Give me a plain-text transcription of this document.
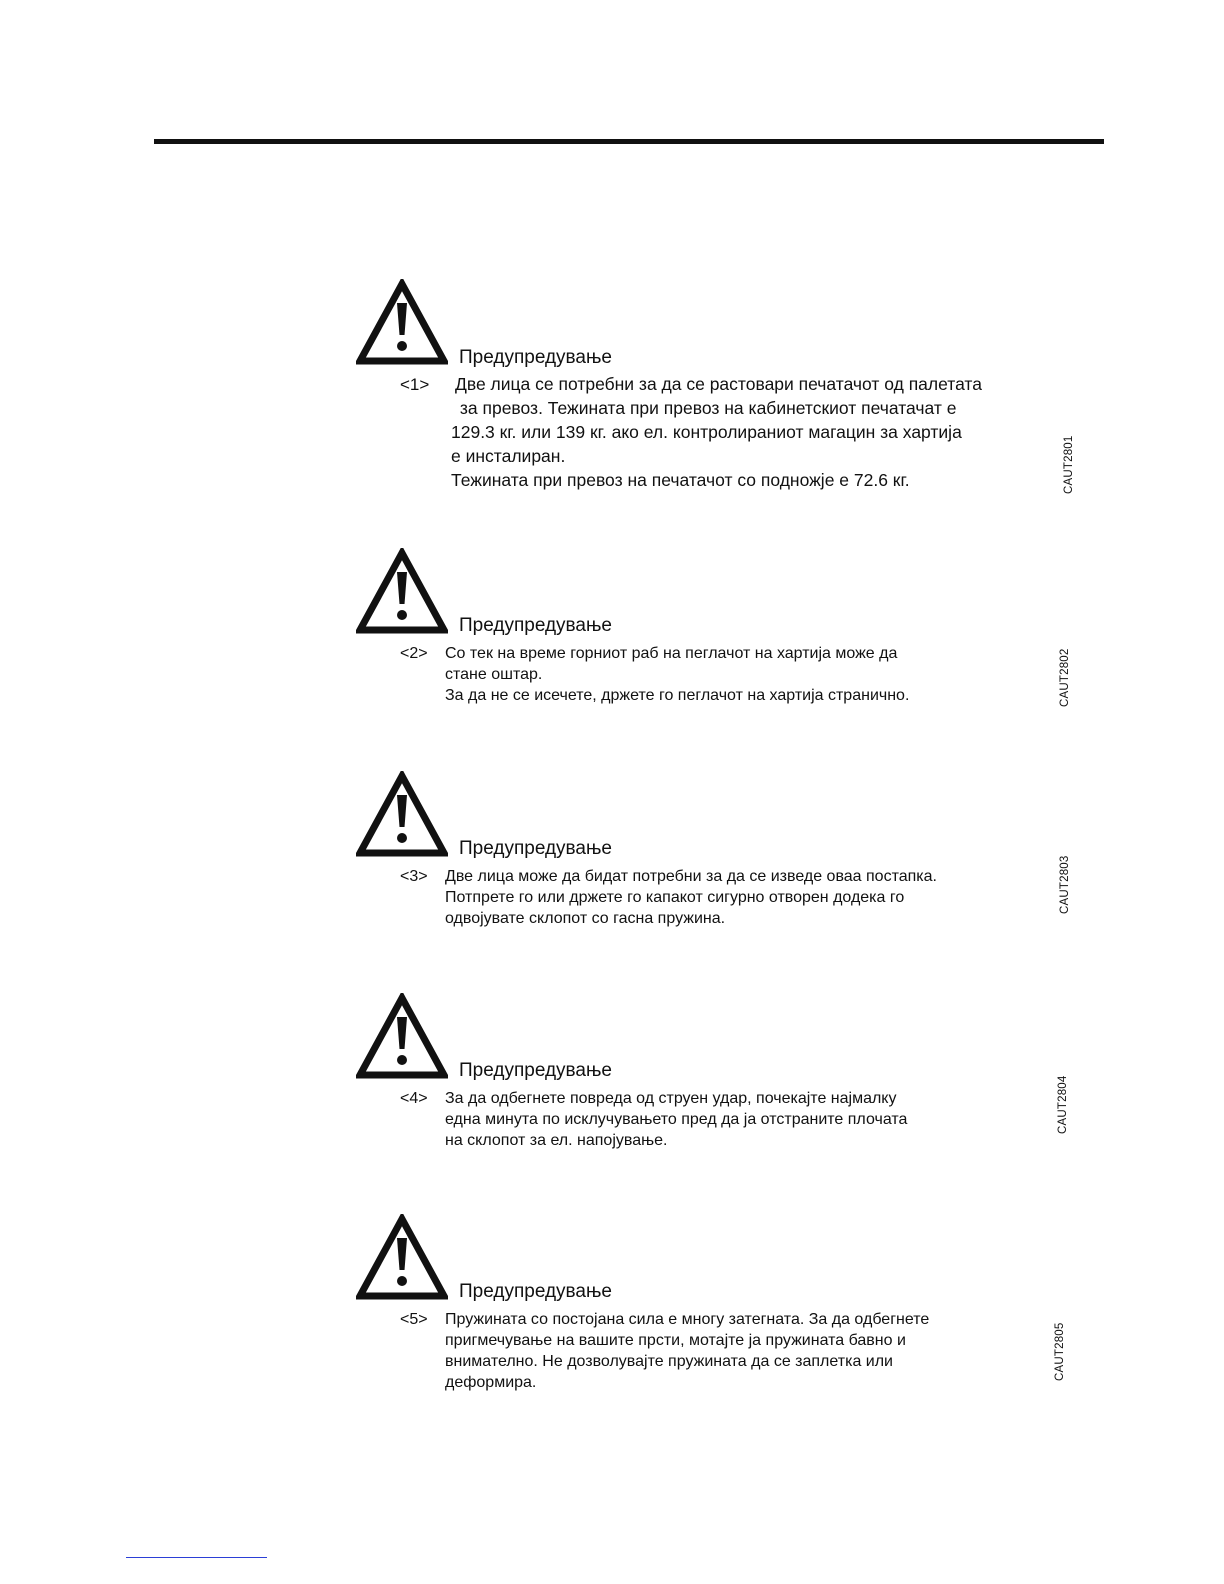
Предупредување
<1> Две лица се потребни за да се растовари печатачот од палетата
за превоз. Тежината при превоз на кабинетскиот печатачат е
129.3 кг. или 139 кг. ако ел. контролираниот магацин за хартија
е инсталиран.
Тежината при превоз на печатачот со подножје е 72.6 кг.	CAUT2801
Предупредување
<2> Со тек на време горниот раб на пеглачот на хартија може да
стане оштар.
За да не се исечете, држете го пеглачот на хартија странично.	CAUT2802
Предупредување
<3> Две лица може да бидат потребни за да се изведе оваа постапка.
Потпрете го или држете го капакот сигурно отворен додека го
одвојувате склопот со гасна пружина.
CAUT2803
Предупредување
<4> За да одбегнете повреда од струен удар, почекајте најмалку
една минута по исклучувањето пред да ја отстраните плочата
на склопот за ел. напојување.
CAUT2804
Предупредување
<5> Пружината со постојана сила е многу затегната. За да одбегнете
пригмечување на вашите прсти, мотајте ја пружината бавно и
внимателно. Не дозволувајте пружината да се заплетка или
деформира.
CAUT2805
